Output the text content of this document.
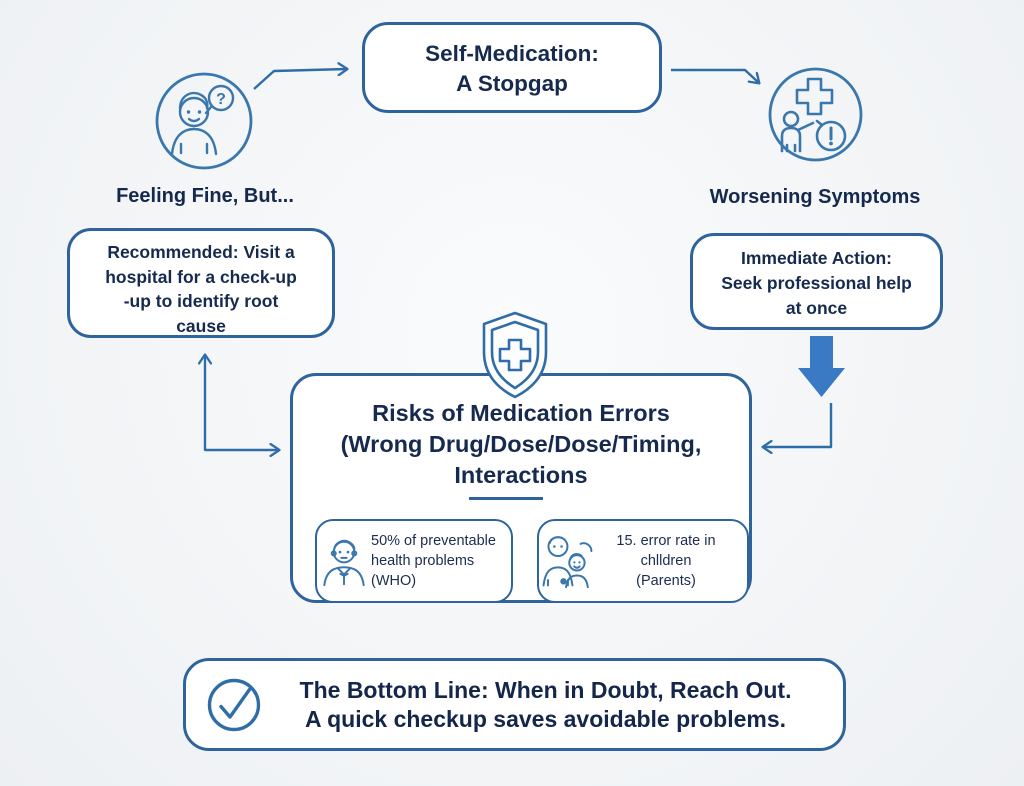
Self-Medication:
A Stopgap
?
Feeling Fine, But...	Worsening Symptoms
Recommended: Visit a
hospital for a check-up
-up to identify root
cause
Immediate Action:
Seek professional help
at once
Risks of Medication Errors
(Wrong Drug/Dose/Dose/Timing,
Interactions
50% of preventable
health problems (WHO)
15. error rate in chlldren
(Parents)
The Bottom Line: When in Doubt, Reach Out.
A quick checkup saves avoidable problems.
